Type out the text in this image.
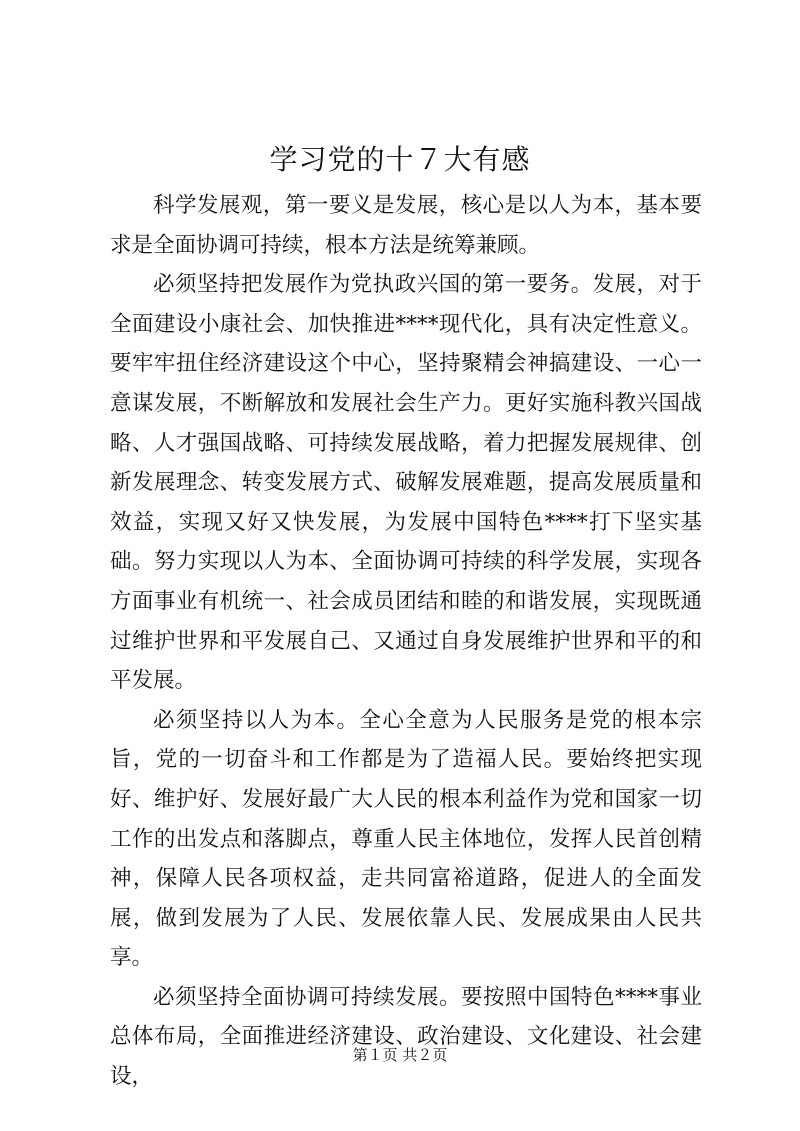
学习党的十７大有感

科学发展观，第一要义是发展，核心是以人为本，基本要求是全面协调可持续，根本方法是统筹兼顾。

必须坚持把发展作为党执政兴国的第一要务。发展，对于全面建设小康社会、加快推进****现代化，具有决定性意义。要牢牢扭住经济建设这个中心，坚持聚精会神搞建设、一心一意谋发展，不断解放和发展社会生产力。更好实施科教兴国战略、人才强国战略、可持续发展战略，着力把握发展规律、创新发展理念、转变发展方式、破解发展难题，提高发展质量和效益，实现又好又快发展，为发展中国特色****打下坚实基础。努力实现以人为本、全面协调可持续的科学发展，实现各方面事业有机统一、社会成员团结和睦的和谐发展，实现既通过维护世界和平发展自己、又通过自身发展维护世界和平的和平发展。

必须坚持以人为本。全心全意为人民服务是党的根本宗旨，党的一切奋斗和工作都是为了造福人民。要始终把实现好、维护好、发展好最广大人民的根本利益作为党和国家一切工作的出发点和落脚点，尊重人民主体地位，发挥人民首创精神，保障人民各项权益，走共同富裕道路，促进人的全面发展，做到发展为了人民、发展依靠人民、发展成果由人民共享。

必须坚持全面协调可持续发展。要按照中国特色****事业总体布局，全面推进经济建设、政治建设、文化建设、社会建设，

第１页 共２页
